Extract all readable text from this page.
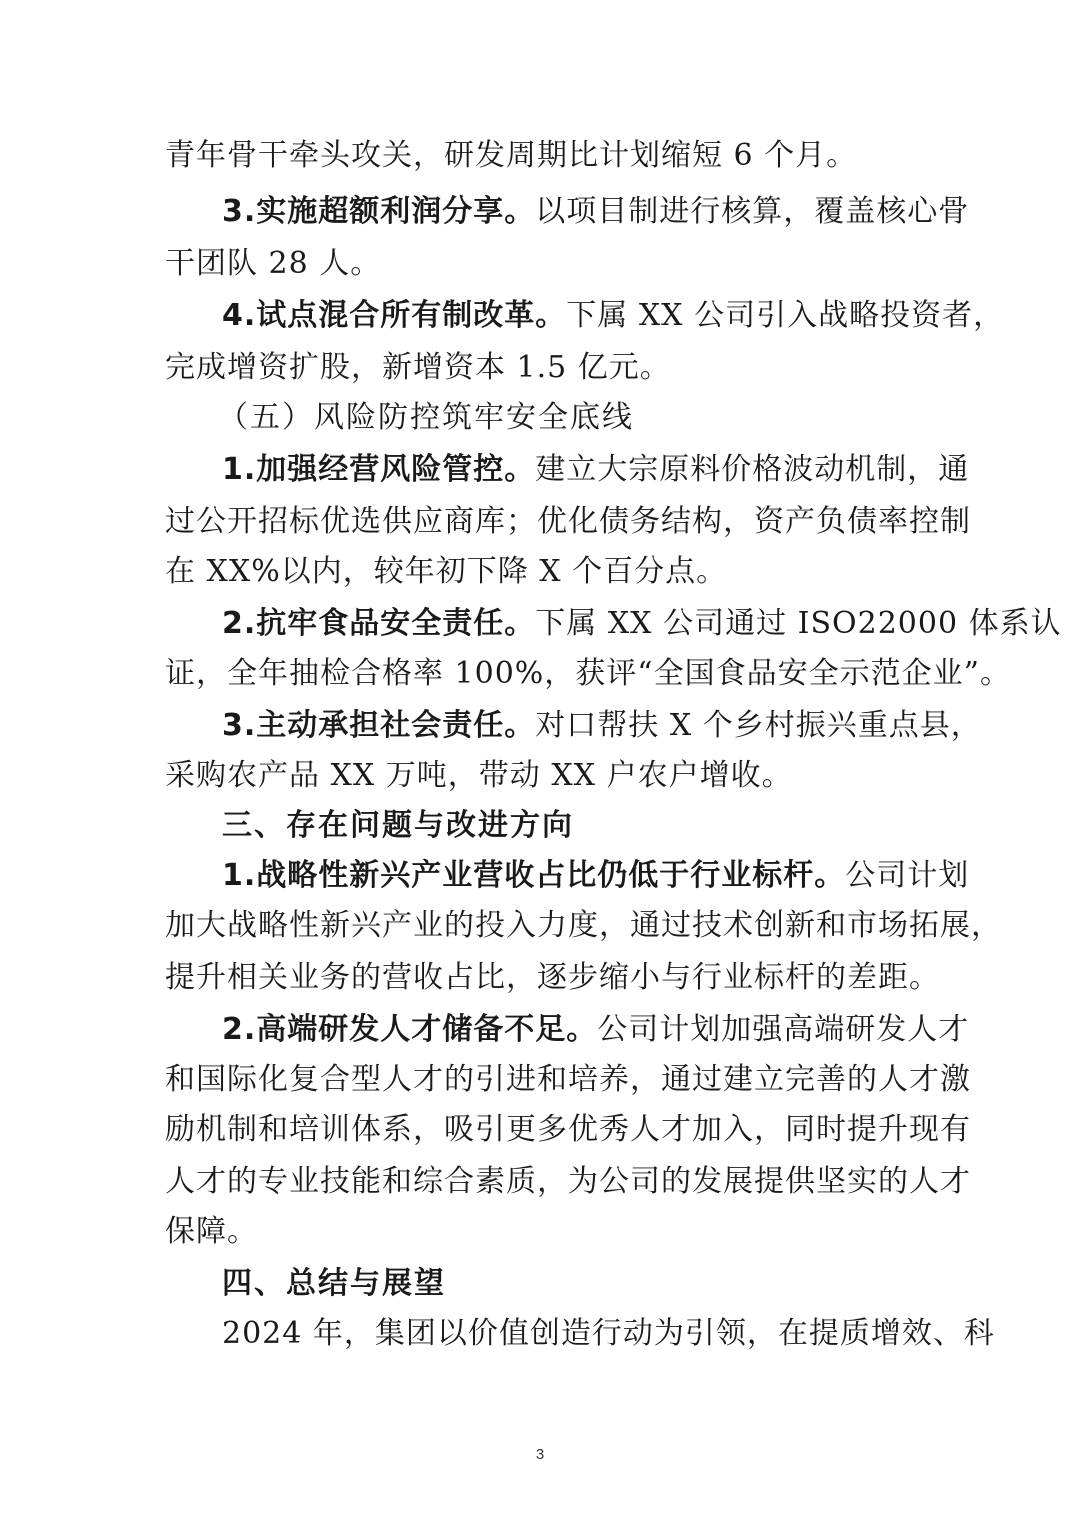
青年骨干牵头攻关，研发周期比计划缩短 6 个月。
3.实施超额利润分享。以项目制进行核算，覆盖核心骨
干团队 28 人。
4.试点混合所有制改革。下属 XX 公司引入战略投资者，
完成增资扩股，新增资本 1.5 亿元。
（五）风险防控筑牢安全底线
1.加强经营风险管控。建立大宗原料价格波动机制，通
过公开招标优选供应商库；优化债务结构，资产负债率控制
在 XX%以内，较年初下降 X 个百分点。
2.抗牢食品安全责任。下属 XX 公司通过 ISO22000 体系认
证，全年抽检合格率 100%，获评“全国食品安全示范企业”。
3.主动承担社会责任。对口帮扶 X 个乡村振兴重点县，
采购农产品 XX 万吨，带动 XX 户农户增收。
三、存在问题与改进方向
1.战略性新兴产业营收占比仍低于行业标杆。公司计划
加大战略性新兴产业的投入力度，通过技术创新和市场拓展，
提升相关业务的营收占比，逐步缩小与行业标杆的差距。
2.高端研发人才储备不足。公司计划加强高端研发人才
和国际化复合型人才的引进和培养，通过建立完善的人才激
励机制和培训体系，吸引更多优秀人才加入，同时提升现有
人才的专业技能和综合素质，为公司的发展提供坚实的人才
保障。
四、总结与展望
2024 年，集团以价值创造行动为引领，在提质增效、科
3
